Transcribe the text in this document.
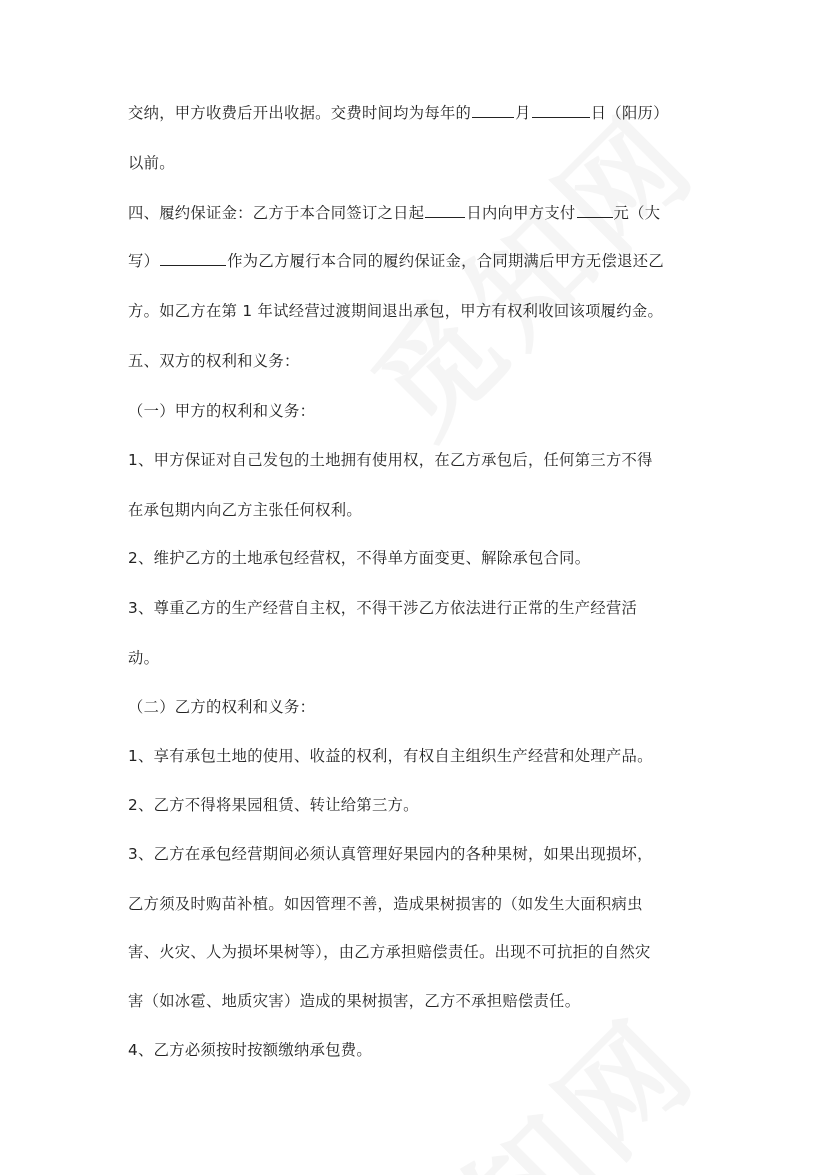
交纳，甲方收费后开出收据。交费时间均为每年的	月	日（阳历）
以前。
四、履约保证金：乙方于本合同签订之日起	日内向甲方支付 元（大
写）	作为乙方履行本合同的履约保证金，合同期满后甲方无偿退还乙
方。如乙方在第 1 年试经营过渡期间退出承包，甲方有权利收回该项履约金。
五、双方的权利和义务：
（一）甲方的权利和义务：
1、甲方保证对自己发包的土地拥有使用权，在乙方承包后，任何第三方不得
在承包期内向乙方主张任何权利。
2、维护乙方的土地承包经营权，不得单方面变更、解除承包合同。
3、尊重乙方的生产经营自主权，不得干涉乙方依法进行正常的生产经营活
动。
（二）乙方的权利和义务：
1、享有承包土地的使用、收益的权利，有权自主组织生产经营和处理产品。
2、乙方不得将果园租赁、转让给第三方。
3、乙方在承包经营期间必须认真管理好果园内的各种果树，如果出现损坏，
乙方须及时购苗补植。如因管理不善，造成果树损害的（如发生大面积病虫
害、火灾、人为损坏果树等），由乙方承担赔偿责任。出现不可抗拒的自然灾
害（如冰雹、地质灾害）造成的果树损害，乙方不承担赔偿责任。
4、乙方必须按时按额缴纳承包费。
